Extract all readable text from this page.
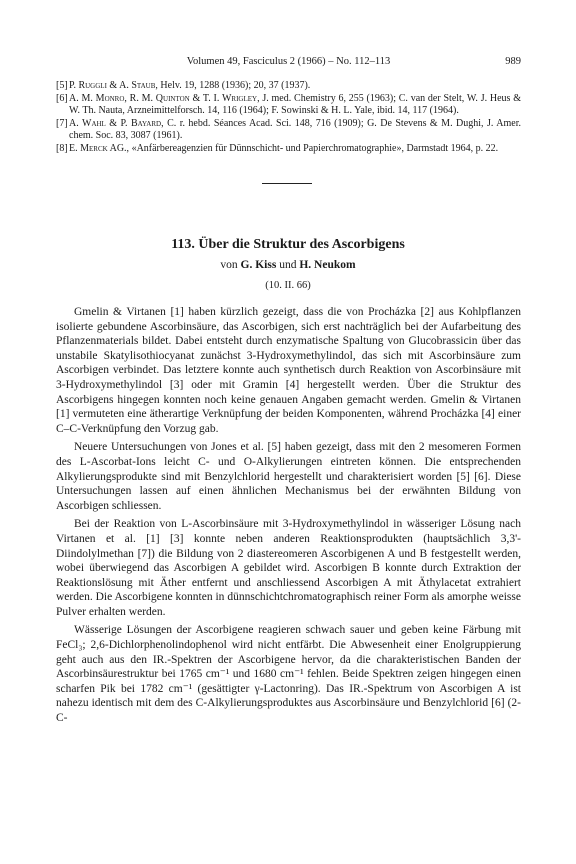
Volumen 49, Fasciculus 2 (1966) – No. 112–113	989
[5] P. Ruggli & A. Staub, Helv. 19, 1288 (1936); 20, 37 (1937).
[6] A. M. Monro, R. M. Quinton & T. I. Wrigley, J. med. Chemistry 6, 255 (1963); C. van der Stelt, W. J. Heus & W. Th. Nauta, Arzneimittelforsch. 14, 116 (1964); F. Sowinski & H. L. Yale, ibid. 14, 117 (1964).
[7] A. Wahl & P. Bayard, C. r. hebd. Séances Acad. Sci. 148, 716 (1909); G. De Stevens & M. Dughi, J. Amer. chem. Soc. 83, 3087 (1961).
[8] E. Merck AG., «Anfärbereagenzien für Dünnschicht- und Papierchromatographie», Darmstadt 1964, p. 22.
113. Über die Struktur des Ascorbigens
von G. Kiss und H. Neukom
(10. II. 66)

Gmelin & Virtanen [1] haben kürzlich gezeigt, dass die von Procházka [2] aus Kohlpflanzen isolierte gebundene Ascorbinsäure, das Ascorbigen, sich erst nachträglich bei der Aufarbeitung des Pflanzenmaterials bildet. Dabei entsteht durch enzymatische Spaltung von Glucobrassicin über das unstabile Skatylisothiocyanat zunächst 3-Hydroxymethylindol, das sich mit Ascorbinsäure zum Ascorbigen verbindet. Das letztere konnte auch synthetisch durch Reaktion von Ascorbinsäure mit 3-Hydroxymethylindol [3] oder mit Gramin [4] hergestellt werden. Über die Struktur des Ascorbigens hingegen konnten noch keine genauen Angaben gemacht werden. Gmelin & Virtanen [1] vermuteten eine ätherartige Verknüpfung der beiden Komponenten, während Procházka [4] einer C–C-Verknüpfung den Vorzug gab.

Neuere Untersuchungen von Jones et al. [5] haben gezeigt, dass mit den 2 mesomeren Formen des L-Ascorbat-Ions leicht C- und O-Alkylierungen eintreten können. Die entsprechenden Alkylierungsprodukte sind mit Benzylchlorid hergestellt und charakterisiert worden [5] [6]. Diese Untersuchungen lassen auf einen ähnlichen Mechanismus bei der erwähnten Bildung von Ascorbigen schliessen.

Bei der Reaktion von L-Ascorbinsäure mit 3-Hydroxymethylindol in wässeriger Lösung nach Virtanen et al. [1] [3] konnte neben anderen Reaktionsprodukten (hauptsächlich 3,3'-Diindolylmethan [7]) die Bildung von 2 diastereomeren Ascorbigenen A und B festgestellt werden, wobei überwiegend das Ascorbigen A gebildet wird. Ascorbigen B konnte durch Extraktion der Reaktionslösung mit Äther entfernt und anschliessend Ascorbigen A mit Äthylacetat extrahiert werden. Die Ascorbigene konnten in dünnschichtchromatographisch reiner Form als amorphe weisse Pulver erhalten werden.

Wässerige Lösungen der Ascorbigene reagieren schwach sauer und geben keine Färbung mit FeCl₃; 2,6-Dichlorphenolindophenol wird nicht entfärbt. Die Abwesenheit einer Enolgruppierung geht auch aus den IR.-Spektren der Ascorbigene hervor, da die charakteristischen Banden der Ascorbinsäurestruktur bei 1765 cm⁻¹ und 1680 cm⁻¹ fehlen. Beide Spektren zeigen hingegen einen scharfen Pik bei 1782 cm⁻¹ (gesättigter γ-Lactonring). Das IR.-Spektrum von Ascorbigen A ist nahezu identisch mit dem des C-Alkylierungsproduktes aus Ascorbinsäure und Benzylchlorid [6] (2-C-
